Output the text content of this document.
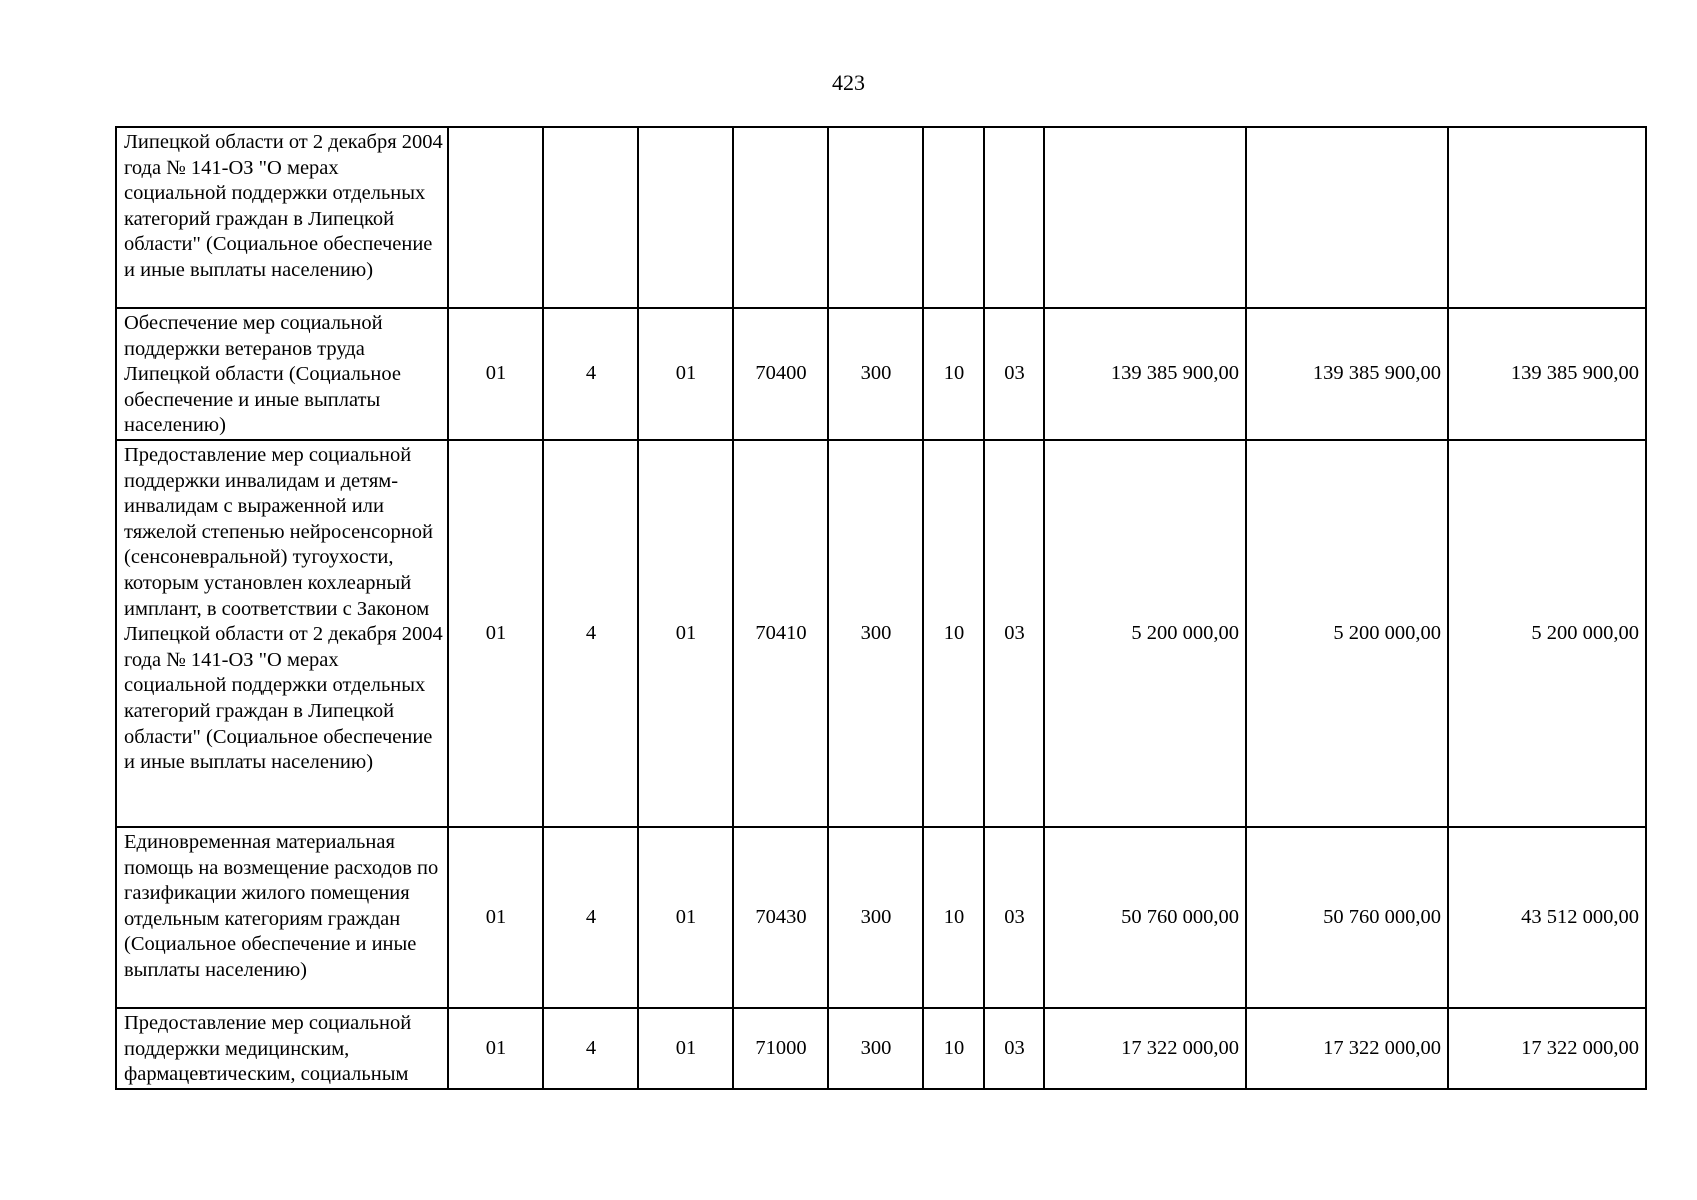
423
Липецкой области от 2 декабря 2004 года № 141-ОЗ "О мерах социальной поддержки отдельных категорий граждан в Липецкой области" (Социальное обеспечение и иные выплаты населению)										
Обеспечение мер социальной поддержки ветеранов труда Липецкой области (Социальное обеспечение и иные выплаты населению)	01	4	01	70400	300	10	03	139 385 900,00	139 385 900,00	139 385 900,00
Предоставление мер социальной поддержки инвалидам и детям-инвалидам с выраженной или тяжелой степенью нейросенсорной (сенсоневральной) тугоухости, которым установлен кохлеарный имплант, в соответствии с Законом Липецкой области от 2 декабря 2004 года № 141-ОЗ "О мерах социальной поддержки отдельных категорий граждан в Липецкой области" (Социальное обеспечение и иные выплаты населению)	01	4	01	70410	300	10	03	5 200 000,00	5 200 000,00	5 200 000,00
Единовременная материальная помощь на возмещение расходов по газификации жилого помещения отдельным категориям граждан (Социальное обеспечение и иные выплаты населению)	01	4	01	70430	300	10	03	50 760 000,00	50 760 000,00	43 512 000,00
Предоставление мер социальной поддержки медицинским, фармацевтическим, социальным	01	4	01	71000	300	10	03	17 322 000,00	17 322 000,00	17 322 000,00
